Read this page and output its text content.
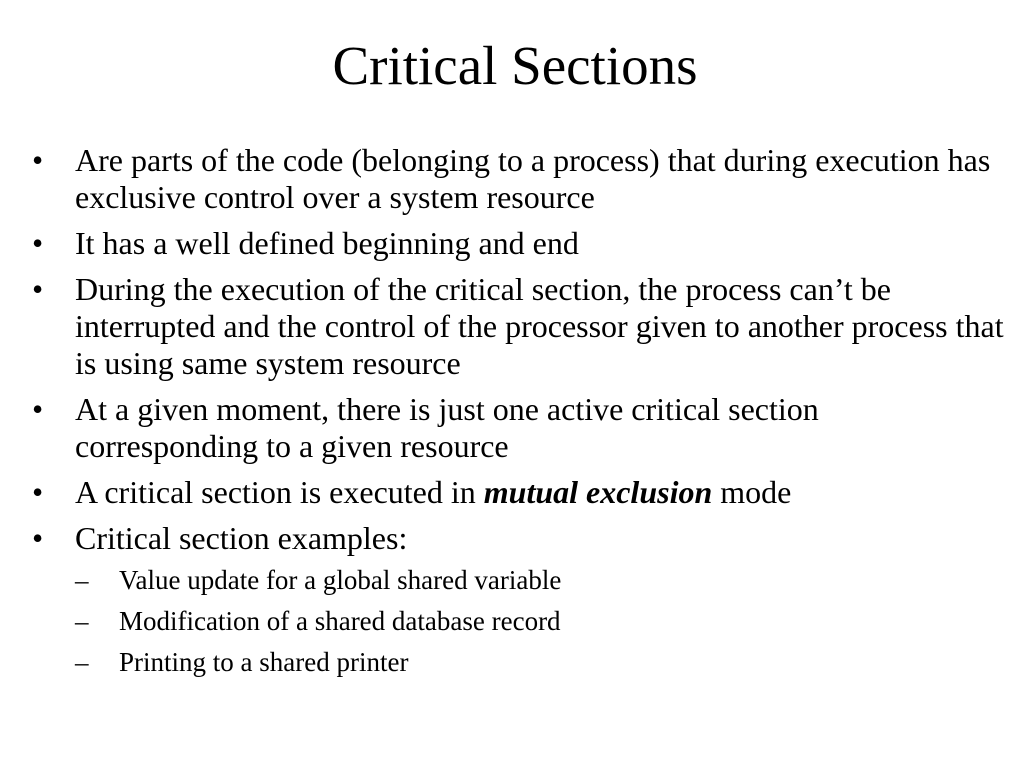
Critical Sections
• Are parts of the code (belonging to a process) that during execution has exclusive control over a system resource
• It has a well defined beginning and end
• During the execution of the critical section, the process can’t be interrupted and the control of the processor given to another process that is using same system resource
• At a given moment, there is just one active critical section corresponding to a given resource
• A critical section is executed in mutual exclusion mode
• Critical section examples:
– Value update for a global shared variable
– Modification of a shared database record
– Printing to a shared printer
